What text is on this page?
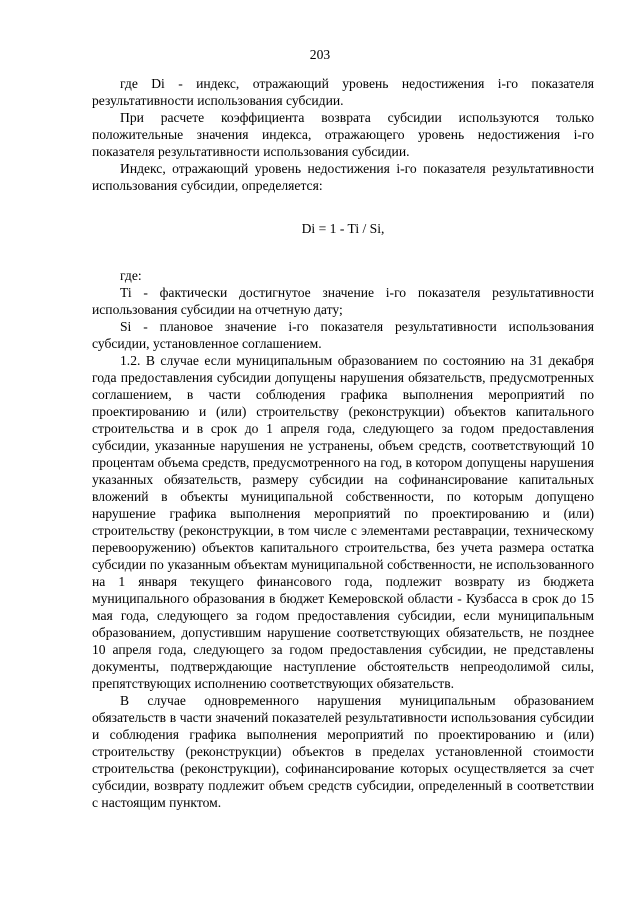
203

где Di - индекс, отражающий уровень недостижения i-го показателя результативности использования субсидии.

При расчете коэффициента возврата субсидии используются только положительные значения индекса, отражающего уровень недостижения i-го показателя результативности использования субсидии.

Индекс, отражающий уровень недостижения i-го показателя результативности использования субсидии, определяется:

Di = 1 - Ti / Si,

где:

Ti - фактически достигнутое значение i-го показателя результативности использования субсидии на отчетную дату;

Si - плановое значение i-го показателя результативности использования субсидии, установленное соглашением.

1.2. В случае если муниципальным образованием по состоянию на 31 декабря года предоставления субсидии допущены нарушения обязательств, предусмотренных соглашением, в части соблюдения графика выполнения мероприятий по проектированию и (или) строительству (реконструкции) объектов капитального строительства и в срок до 1 апреля года, следующего за годом предоставления субсидии, указанные нарушения не устранены, объем средств, соответствующий 10 процентам объема средств, предусмотренного на год, в котором допущены нарушения указанных обязательств, размеру субсидии на софинансирование капитальных вложений в объекты муниципальной собственности, по которым допущено нарушение графика выполнения мероприятий по проектированию и (или) строительству (реконструкции, в том числе с элементами реставрации, техническому перевооружению) объектов капитального строительства, без учета размера остатка субсидии по указанным объектам муниципальной собственности, не использованного на 1 января текущего финансового года, подлежит возврату из бюджета муниципального образования в бюджет Кемеровской области - Кузбасса в срок до 15 мая года, следующего за годом предоставления субсидии, если муниципальным образованием, допустившим нарушение соответствующих обязательств, не позднее 10 апреля года, следующего за годом предоставления субсидии, не представлены документы, подтверждающие наступление обстоятельств непреодолимой силы, препятствующих исполнению соответствующих обязательств.

В случае одновременного нарушения муниципальным образованием обязательств в части значений показателей результативности использования субсидии и соблюдения графика выполнения мероприятий по проектированию и (или) строительству (реконструкции) объектов в пределах установленной стоимости строительства (реконструкции), софинансирование которых осуществляется за счет субсидии, возврату подлежит объем средств субсидии, определенный в соответствии с настоящим пунктом.
